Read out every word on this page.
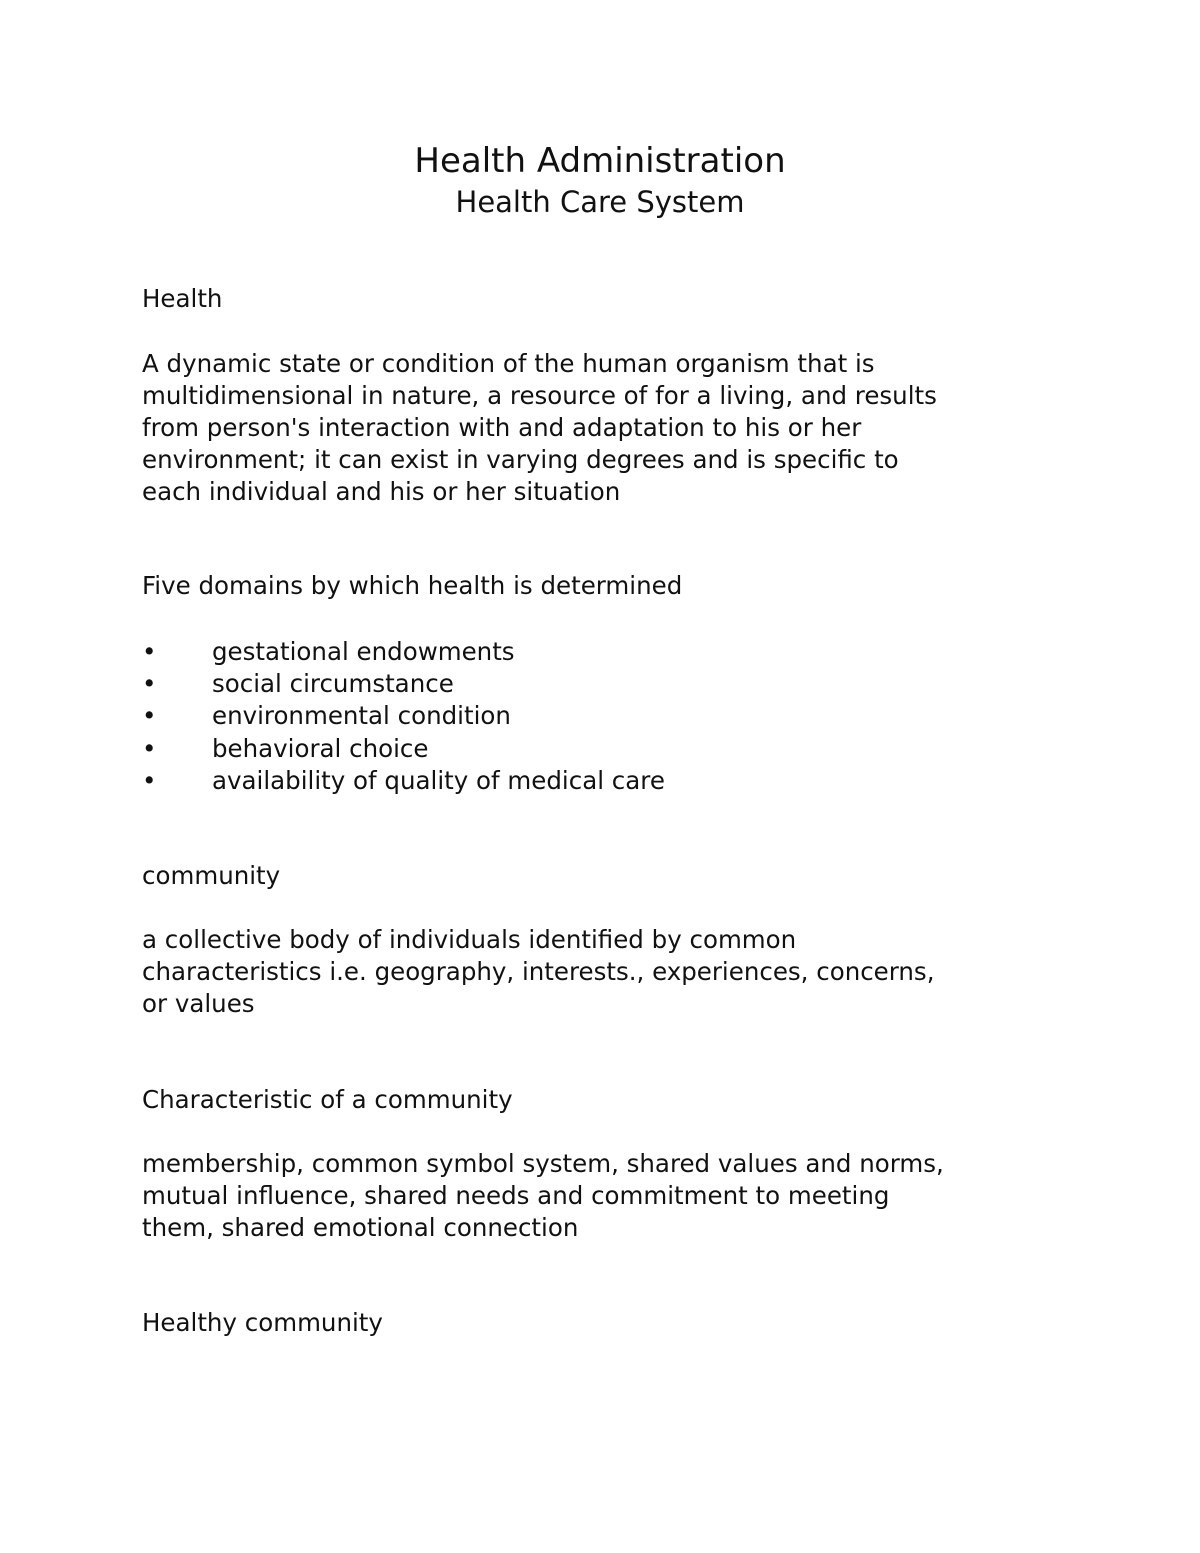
Health Administration
Health Care System
Health
A dynamic state or condition of the human organism that is
multidimensional in nature, a resource of for a living, and results
from person's interaction with and adaptation to his or her
environment; it can exist in varying degrees and is specific to
each individual and his or her situation
Five domains by which health is determined
• gestational endowments
• social circumstance
• environmental condition
• behavioral choice
• availability of quality of medical care
community
a collective body of individuals identified by common
characteristics i.e. geography, interests., experiences, concerns,
or values
Characteristic of a community
membership, common symbol system, shared values and norms,
mutual influence, shared needs and commitment to meeting
them, shared emotional connection
Healthy community
